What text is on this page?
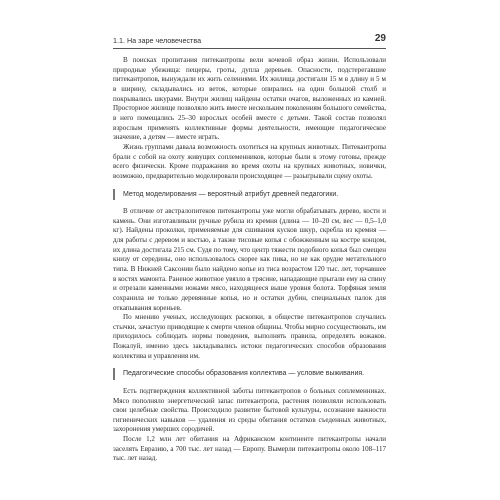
1.1. На заре человечества	29

В поисках пропитания питекантропы вели кочевой образ жизни. Использовали природные убежища: пещеры, гроты, дупла деревьев. Опасности, подстерегавшие питекантропов, вынуждали их жить селениями. Их жилища достигали 15 м в длину и 5 м в ширину, складывались из веток, которые опирались на один большой столб и покрывались шкурами. Внутри жилищ найдены остатки очагов, выложенных из камней. Просторное жилище позволяло жить вместе нескольким поколениям большого семейства, в него помещались 25–30 взрослых особей вместе с детьми. Такой состав позволял взрослым применять коллективные формы деятельности, имеющие педагогическое значение, а детям — вместе играть.

Жизнь группами давала возможность охотиться на крупных животных. Питекантропы брали с собой на охоту живущих соплеменников, которые были к этому готовы, прежде всего физически. Кроме подражания во время охоты на крупных животных, новички, возможно, предварительно моделировали происходящее — разыгрывали сцену охоты.

Метод моделирования — вероятный атрибут древней педагогики.

В отличие от австралопитеков питекантропы уже могли обрабатывать дерево, кости и камень. Они изготавливали ручные рубила из кремня (длина — 10–20 см, вес — 0,5–1,0 кг). Найдены проколки, применяемые для сшивания кусков шкур, скребла из кремня — для работы с деревом и костью, а также тисовые копья с обожженным на костре концом, их длина достигала 215 см. Судя по тому, что центр тяжести подобного копья был смещен книзу от середины, оно использовалось скорее как пика, но не как орудие метательного типа. В Нижней Саксонии было найдено копье из тиса возрастом 120 тыс. лет, торчавшее в костях мамонта. Раненое животное увязло в трясине, нападающие прыгали ему на спину и отрезали каменными ножами мясо, находящееся выше уровня болота. Торфяная земля сохранила не только деревянные копья, но и остатки дубин, специальных палок для откапывания кореньев.

По мнению ученых, исследующих раскопки, в обществе питекантропов случались стычки, зачастую приводящие к смерти членов общины. Чтобы мирно сосуществовать, им приходилось соблюдать нормы поведения, выполнять правила, определять вожаков. Пожалуй, именно здесь закладывались истоки педагогических способов образования коллектива и управления им.

Педагогические способы образования коллектива — условие выживания.

Есть подтверждения коллективной заботы питекантропов о больных соплеменниках. Мясо пополняло энергетический запас питекантропа, растения позволяли использовать свои целебные свойства. Происходило развитие бытовой культуры, осознание важности гигиенических навыков — удаления из среды обитания остатков съеденных животных, захоронения умерших сородичей.

После 1,2 млн лет обитания на Африканском континенте питекантропы начали заселять Евразию, а 700 тыс. лет назад — Европу. Вымерли питекантропы около 108–117 тыс. лет назад.
